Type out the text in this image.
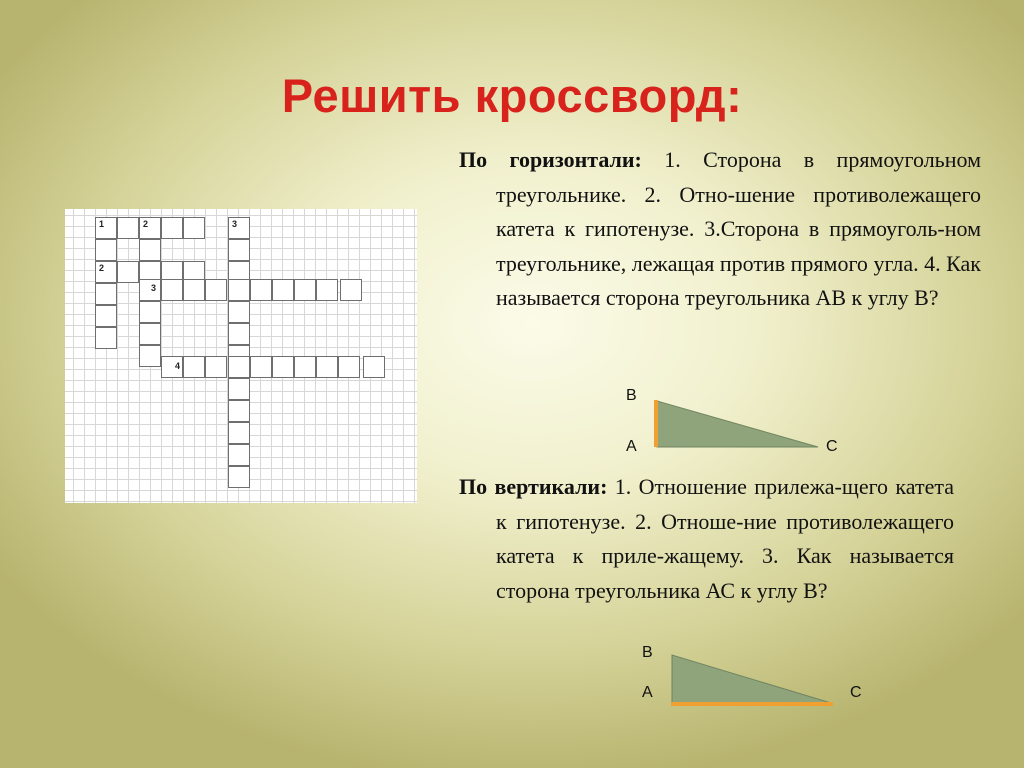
Решить кроссворд:
1	2	3
2
3
4

По горизонтали: 1. Сторона в прямоугольном треугольнике. 2. Отно-шение противолежащего катета к гипотенузе. 3.Сторона в прямоуголь-ном треугольнике, лежащая против прямого угла. 4. Как называется сторона треугольника АВ к углу В?

B
A	C

По вертикали: 1. Отношение прилежа-щего катета к гипотенузе. 2. Отноше-ние противолежащего катета к приле-жащему. 3. Как называется сторона треугольника АС к углу В?

B
A	C
